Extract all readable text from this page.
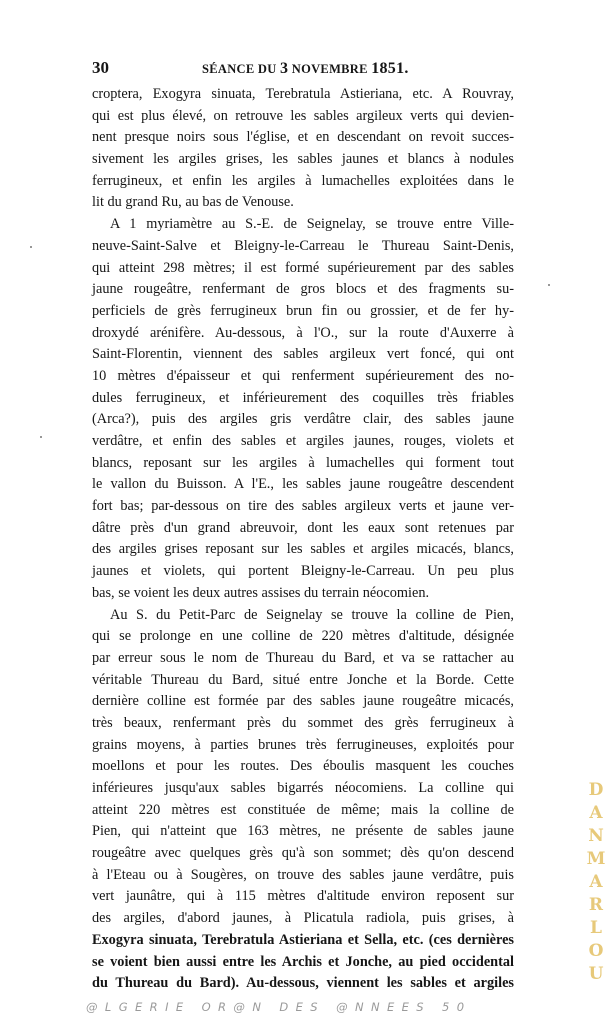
30	SÉANCE DU 3 NOVEMBRE 1851.
croptera, Exogyra sinuata, Terebratula Astieriana, etc. A Rouvray,
qui est plus élevé, on retrouve les sables argileux verts qui devien-
nent presque noirs sous l'église, et en descendant on revoit succes-
sivement les argiles grises, les sables jaunes et blancs à nodules
ferrugineux, et enfin les argiles à lumachelles exploitées dans le
lit du grand Ru, au bas de Venouse.
A 1 myriamètre au S.-E. de Seignelay, se trouve entre Ville-
neuve-Saint-Salve et Bleigny-le-Carreau le Thureau Saint-Denis,
qui atteint 298 mètres; il est formé supérieurement par des sables
jaune rougeâtre, renfermant de gros blocs et des fragments su-
perficiels de grès ferrugineux brun fin ou grossier, et de fer hy-
droxydé arénifère. Au-dessous, à l'O., sur la route d'Auxerre à
Saint-Florentin, viennent des sables argileux vert foncé, qui ont
10 mètres d'épaisseur et qui renferment supérieurement des no-
dules ferrugineux, et inférieurement des coquilles très friables
(Arca?), puis des argiles gris verdâtre clair, des sables jaune
verdâtre, et enfin des sables et argiles jaunes, rouges, violets et
blancs, reposant sur les argiles à lumachelles qui forment tout
le vallon du Buisson. A l'E., les sables jaune rougeâtre descendent
fort bas; par-dessous on tire des sables argileux verts et jaune ver-
dâtre près d'un grand abreuvoir, dont les eaux sont retenues par
des argiles grises reposant sur les sables et argiles micacés, blancs,
jaunes et violets, qui portent Bleigny-le-Carreau. Un peu plus
bas, se voient les deux autres assises du terrain néocomien.
Au S. du Petit-Parc de Seignelay se trouve la colline de Pien,
qui se prolonge en une colline de 220 mètres d'altitude, désignée
par erreur sous le nom de Thureau du Bard, et va se rattacher au
véritable Thureau du Bard, situé entre Jonche et la Borde. Cette
dernière colline est formée par des sables jaune rougeâtre micacés,
très beaux, renfermant près du sommet des grès ferrugineux à
grains moyens, à parties brunes très ferrugineuses, exploités pour
moellons et pour les routes. Des éboulis masquent les couches
inférieures jusqu'aux sables bigarrés néocomiens. La colline qui
atteint 220 mètres est constituée de même; mais la colline de
Pien, qui n'atteint que 163 mètres, ne présente de sables jaune
rougeâtre avec quelques grès qu'à son sommet; dès qu'on descend
à l'Eteau ou à Sougères, on trouve des sables jaune verdâtre, puis
vert jaunâtre, qui à 115 mètres d'altitude environ reposent sur
des argiles, d'abord jaunes, à Plicatula radiola, puis grises, à
Exogyra sinuata, Terebratula Astieriana et Sella, etc. (ces dernières
se voient bien aussi entre les Archis et Jonche, au pied occidental
du Thureau du Bard). Au-dessous, viennent les sables et argiles	DANMARLOU
@LGERIE OR@N DES @NNEES 50
